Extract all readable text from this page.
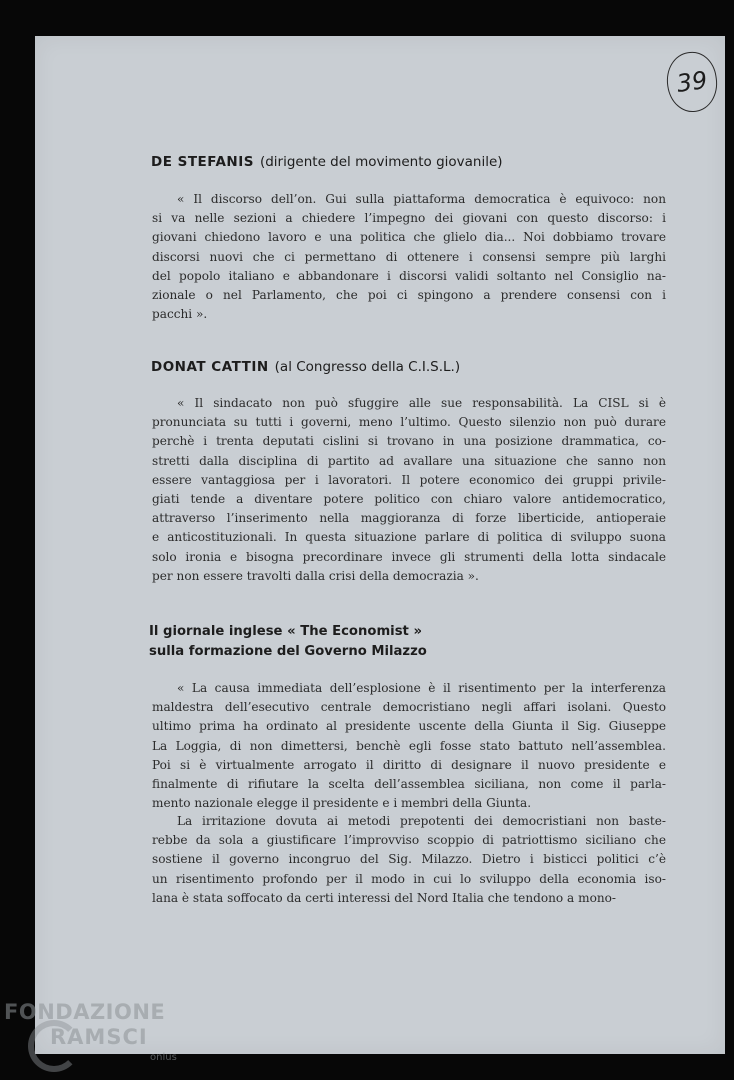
39
DE STEFANIS (dirigente del movimento giovanile)
« Il discorso dell’on. Gui sulla piattaforma democratica è equivoco: non
si va nelle sezioni a chiedere l’impegno dei giovani con questo discorso: i
giovani chiedono lavoro e una politica che glielo dia... Noi dobbiamo trovare
discorsi nuovi che ci permettano di ottenere i consensi sempre più larghi
del popolo italiano e abbandonare i discorsi validi soltanto nel Consiglio na-
zionale o nel Parlamento, che poi ci spingono a prendere consensi con i
pacchi ».
DONAT CATTIN (al Congresso della C.I.S.L.)
« Il sindacato non può sfuggire alle sue responsabilità. La CISL si è
pronunciata su tutti i governi, meno l’ultimo. Questo silenzio non può durare
perchè i trenta deputati cislini si trovano in una posizione drammatica, co-
stretti dalla disciplina di partito ad avallare una situazione che sanno non
essere vantaggiosa per i lavoratori. Il potere economico dei gruppi privile-
giati tende a diventare potere politico con chiaro valore antidemocratico,
attraverso l’inserimento nella maggioranza di forze liberticide, antioperaie
e anticostituzionali. In questa situazione parlare di politica di sviluppo suona
solo ironia e bisogna precordinare invece gli strumenti della lotta sindacale
per non essere travolti dalla crisi della democrazia ».
Il giornale inglese « The Economist »
sulla formazione del Governo Milazzo
« La causa immediata dell’esplosione è il risentimento per la interferenza
maldestra dell’esecutivo centrale democristiano negli affari isolani. Questo
ultimo prima ha ordinato al presidente uscente della Giunta il Sig. Giuseppe
La Loggia, di non dimettersi, benchè egli fosse stato battuto nell’assemblea.
Poi si è virtualmente arrogato il diritto di designare il nuovo presidente e
finalmente di rifiutare la scelta dell’assemblea siciliana, non come il parla-
mento nazionale elegge il presidente e i membri della Giunta.
La irritazione dovuta ai metodi prepotenti dei democristiani non baste-
rebbe da sola a giustificare l’improvviso scoppio di patriottismo siciliano che
sostiene il governo incongruo del Sig. Milazzo. Dietro i bisticci politici c’è
un risentimento profondo per il modo in cui lo sviluppo della economia iso-
lana è stata soffocato da certi interessi del Nord Italia che tendono a mono-
FONDAZIONE
RAMSCI
onlus
